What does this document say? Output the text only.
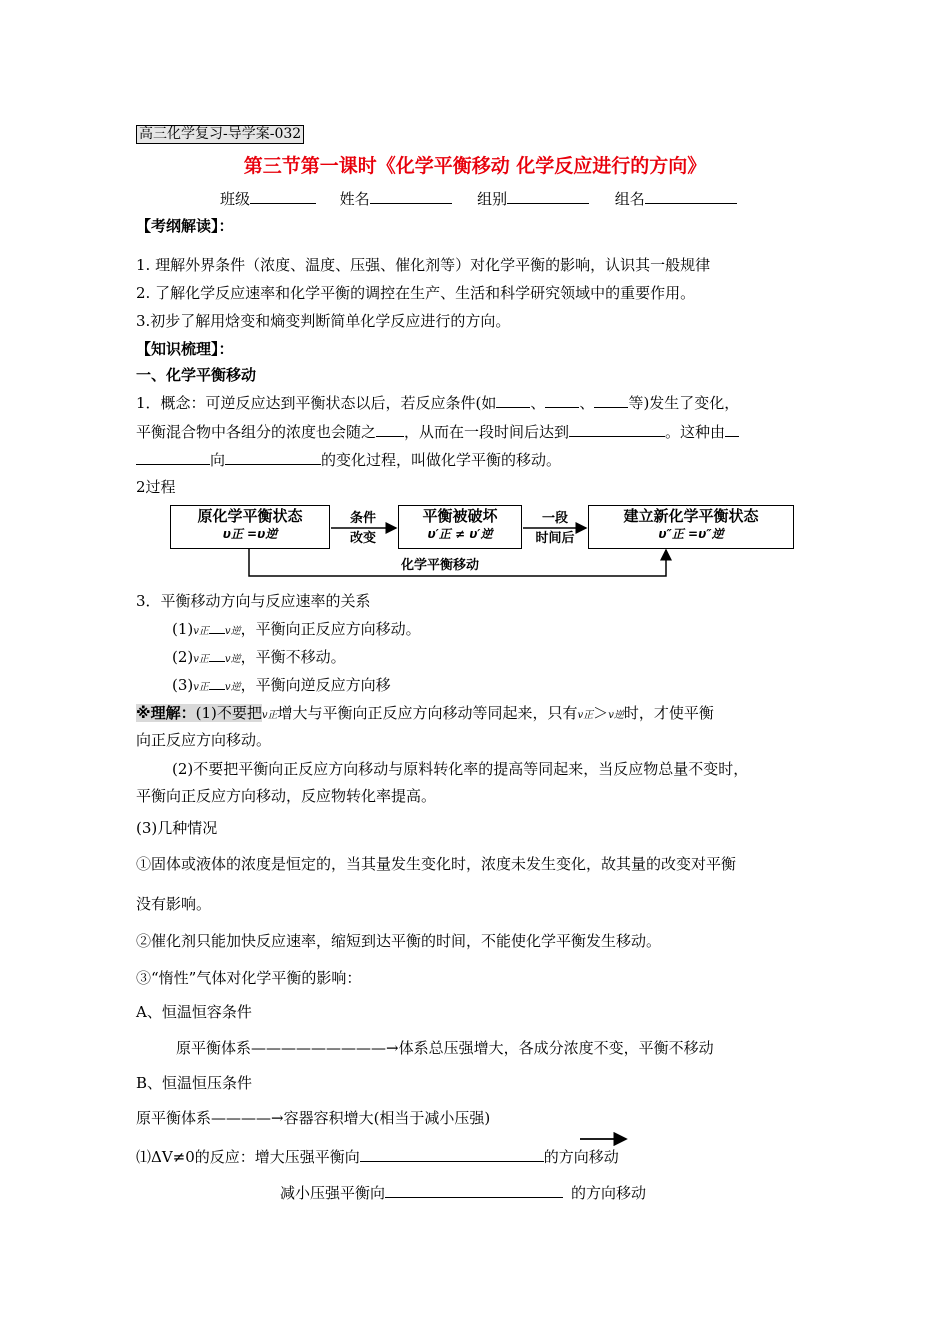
高三化学复习-导学案-032
第三节第一课时《化学平衡移动 化学反应进行的方向》
班级	姓名	组别	组名
【考纲解读】：
1. 理解外界条件（浓度、温度、压强、催化剂等）对化学平衡的影响，认识其一般规律
2. 了解化学反应速率和化学平衡的调控在生产、生活和科学研究领域中的重要作用。
3.初步了解用焓变和熵变判断简单化学反应进行的方向。
【知识梳理】：
一、化学平衡移动
1．概念：可逆反应达到平衡状态以后，若反应条件(如 、 、 等)发生了变化，
平衡混合物中各组分的浓度也会随之 ，从而在一段时间后达到	。这种由
向	的变化过程，叫做化学平衡的移动。
2过程
原化学平衡状态
υ正 =υ逆
条件
改变
平衡被破坏
υ′正 ≠ υ′逆
一段
时间后
建立新化学平衡状态
υ″正 =υ″逆
化学平衡移动
3．平衡移动方向与反应速率的关系
(1)v正 v逆，平衡向正反应方向移动。
(2)v正 v逆，平衡不移动。
(3)v正 v逆，平衡向逆反应方向移
※理解：(1)不要把v正增大与平衡向正反应方向移动等同起来，只有v正＞v逆时，才使平衡
向正反应方向移动。
(2)不要把平衡向正反应方向移动与原料转化率的提高等同起来，当反应物总量不变时，
平衡向正反应方向移动，反应物转化率提高。
(3)几种情况
①固体或液体的浓度是恒定的，当其量发生变化时，浓度未发生变化，故其量的改变对平衡
没有影响。
②催化剂只能加快反应速率，缩短到达平衡的时间，不能使化学平衡发生移动。
③“惰性”气体对化学平衡的影响：
A、恒温恒容条件
原平衡体系—————————→体系总压强增大，各成分浓度不变，平衡不移动
B、恒温恒压条件
原平衡体系————→容器容积增大(相当于减小压强)
⑴ΔV≠0的反应：增大压强平衡向	的方向移动
减小压强平衡向	的方向移动
